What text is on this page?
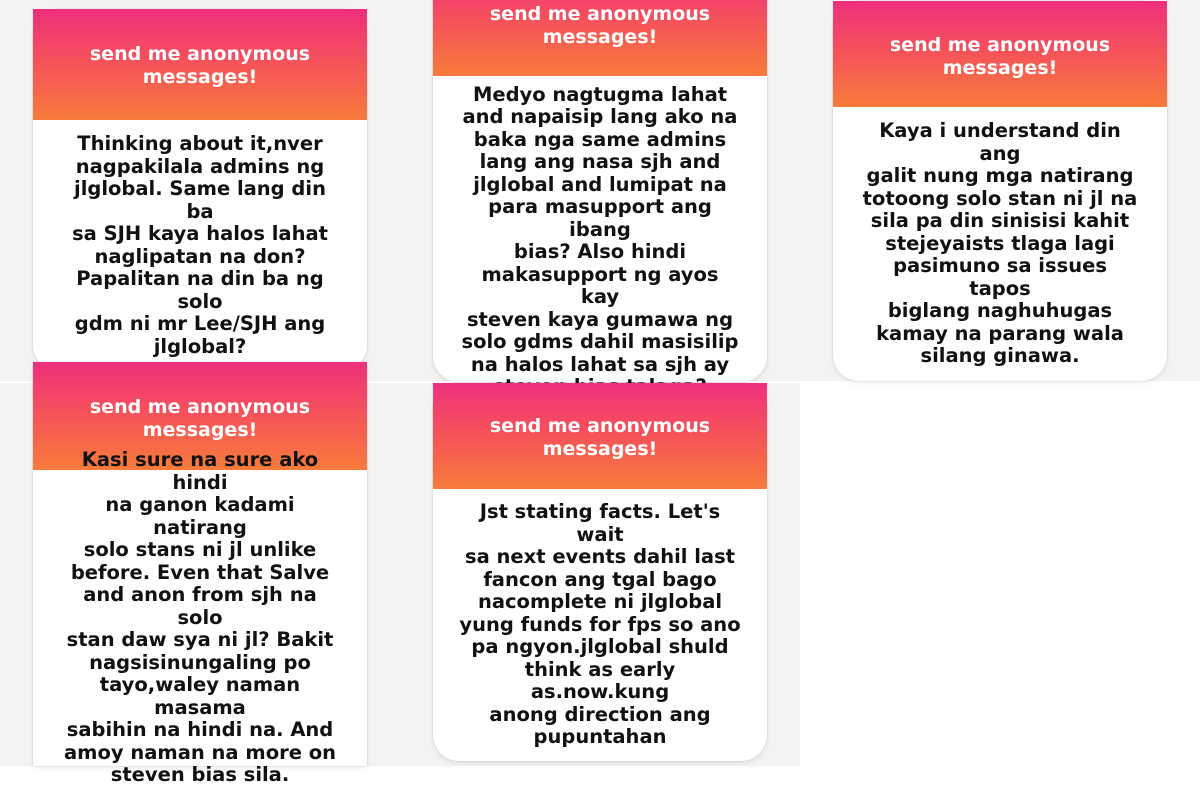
send me anonymous messages!
Thinking about it,nver
nagpakilala admins ng
jlglobal. Same lang din ba
sa SJH kaya halos lahat
naglipatan na don?
Papalitan na din ba ng solo
gdm ni mr Lee/SJH ang
jlglobal?
send me anonymous messages!
Medyo nagtugma lahat
and napaisip lang ako na
baka nga same admins
lang ang nasa sjh and
jlglobal and lumipat na
para masupport ang ibang
bias? Also hindi
makasupport ng ayos kay
steven kaya gumawa ng
solo gdms dahil masisilip
na halos lahat sa sjh ay

send me anonymous messages!
Kaya i understand din ang
galit nung mga natirang
totoong solo stan ni jl na
sila pa din sinisisi kahit
stejeyaists tlaga lagi
pasimuno sa issues tapos
biglang naghuhugas
kamay na parang wala
silang ginawa.
send me anonymous messages!
Kasi sure na sure ako hindi
na ganon kadami natirang
solo stans ni jl unlike
before. Even that Salve
and anon from sjh na solo
stan daw sya ni jl? Bakit
nagsisinungaling po
tayo,waley naman masama
sabihin na hindi na. And
amoy naman na more on
steven bias sila.
send me anonymous messages!
Jst stating facts. Let's wait
sa next events dahil last
fancon ang tgal bago
nacomplete ni jlglobal
yung funds for fps so ano
pa ngyon.jlglobal shuld
think as early as.now.kung
anong direction ang
pupuntahan
